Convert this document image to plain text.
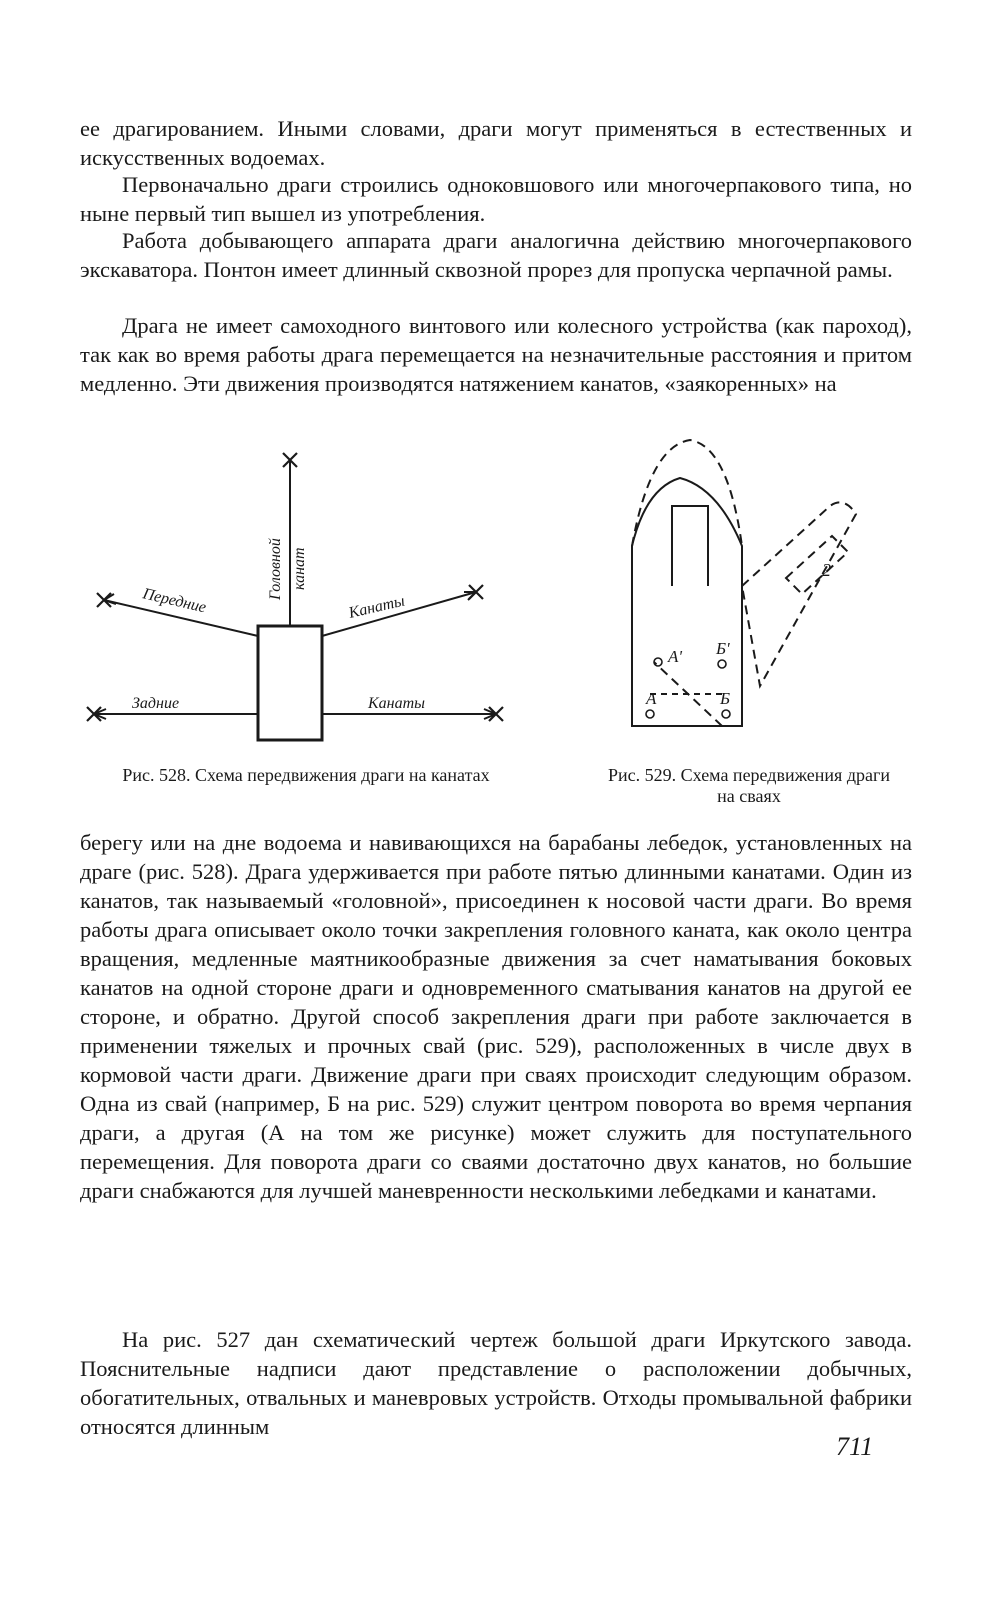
ее драгированием. Иными словами, драги могут применяться в естественных и искусственных водоемах.

Первоначально драги строились одноковшового или многочерпакового типа, но ныне первый тип вышел из употребления.

Работа добывающего аппарата драги аналогична действию многочерпакового экскаватора. Понтон имеет длинный сквозной прорез для пропуска черпачной рамы.

Драга не имеет самоходного винтового или колесного устройства (как пароход), так как во время работы драга перемещается на незначительные расстояния и притом медленно. Эти движения производятся натяжением канатов, «заякоренных» на

Головной канат
Передние	Канаты
Задние	Канаты
А' Б'
А	Б
2

Рис. 528. Схема передвижения драги на канатах	Рис. 529. Схема передвижения драги на сваях

берегу или на дне водоема и навивающихся на барабаны лебедок, установленных на драге (рис. 528). Драга удерживается при работе пятью длинными канатами. Один из канатов, так называемый «головной», присоединен к носовой части драги. Во время работы драга описывает около точки закрепления головного каната, как около центра вращения, медленные маятникообразные движения за счет наматывания боковых канатов на одной стороне драги и одновременного сматывания канатов на другой ее стороне, и обратно. Другой способ закрепления драги при работе заключается в применении тяжелых и прочных свай (рис. 529), расположенных в числе двух в кормовой части драги. Движение драги при сваях происходит следующим образом. Одна из свай (например, Б на рис. 529) служит центром поворота во время черпания драги, а другая (А на том же рисунке) может служить для поступательного перемещения. Для поворота драги со сваями достаточно двух канатов, но большие драги снабжаются для лучшей маневренности несколькими лебедками и канатами.

На рис. 527 дан схематический чертеж большой драги Иркутского завода. Пояснительные надписи дают представление о расположении добычных, обогатительных, отвальных и маневровых устройств. Отходы промывальной фабрики относятся длинным

711
